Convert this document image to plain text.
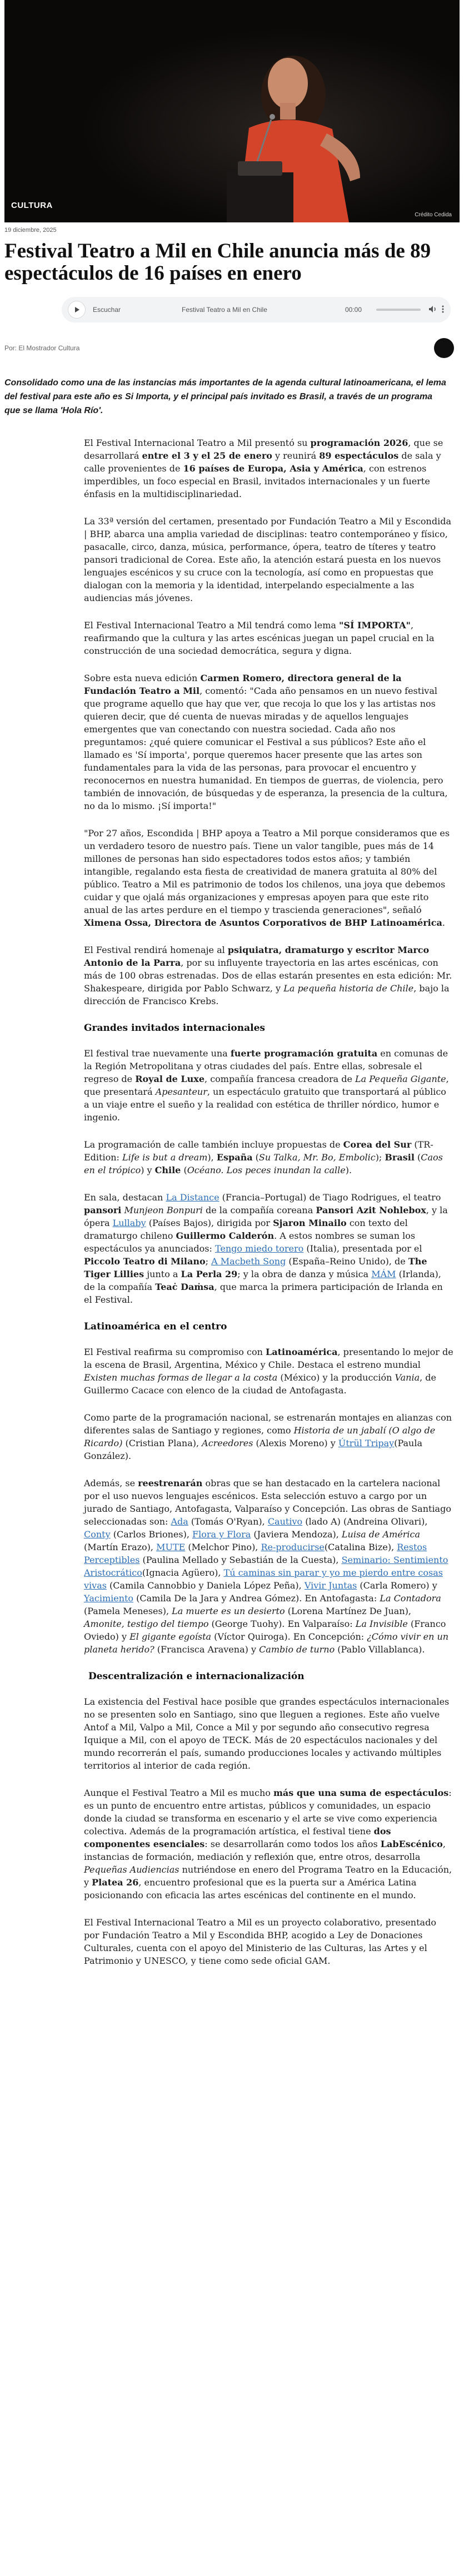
CULTURA
Crédito Cedida
19 diciembre, 2025
Festival Teatro a Mil en Chile anuncia más de 89 espectáculos de 16 países en enero
Escuchar	Festival Teatro a Mil en Chile	00:00
Por: El Mostrador Cultura

Consolidado como una de las instancias más importantes de la agenda cultural latinoamericana, el lema del festival para este año es Si Importa, y el principal país invitado es Brasil, a través de un programa que se llama 'Hola Río'.

El Festival Internacional Teatro a Mil presentó su programación 2026, que se desarrollará entre el 3 y el 25 de enero y reunirá 89 espectáculos de sala y calle provenientes de 16 países de Europa, Asia y América, con estrenos imperdibles, un foco especial en Brasil, invitados internacionales y un fuerte énfasis en la multidisciplinariedad.

La 33ª versión del certamen, presentado por Fundación Teatro a Mil y Escondida | BHP, abarca una amplia variedad de disciplinas: teatro contemporáneo y físico, pasacalle, circo, danza, música, performance, ópera, teatro de títeres y teatro pansori tradicional de Corea. Este año, la atención estará puesta en los nuevos lenguajes escénicos y su cruce con la tecnología, así como en propuestas que dialogan con la memoria y la identidad, interpelando especialmente a las audiencias más jóvenes.

El Festival Internacional Teatro a Mil tendrá como lema "SÍ IMPORTA", reafirmando que la cultura y las artes escénicas juegan un papel crucial en la construcción de una sociedad democrática, segura y digna.

Sobre esta nueva edición Carmen Romero, directora general de la Fundación Teatro a Mil, comentó: "Cada año pensamos en un nuevo festival que programe aquello que hay que ver, que recoja lo que los y las artistas nos quieren decir, que dé cuenta de nuevas miradas y de aquellos lenguajes emergentes que van conectando con nuestra sociedad. Cada año nos preguntamos: ¿qué quiere comunicar el Festival a sus públicos? Este año el llamado es 'Sí importa', porque queremos hacer presente que las artes son fundamentales para la vida de las personas, para provocar el encuentro y reconocernos en nuestra humanidad. En tiempos de guerras, de violencia, pero también de innovación, de búsquedas y de esperanza, la presencia de la cultura, no da lo mismo. ¡Sí importa!"

"Por 27 años, Escondida | BHP apoya a Teatro a Mil porque consideramos que es un verdadero tesoro de nuestro país. Tiene un valor tangible, pues más de 14 millones de personas han sido espectadores todos estos años; y también intangible, regalando esta fiesta de creatividad de manera gratuita al 80% del público. Teatro a Mil es patrimonio de todos los chilenos, una joya que debemos cuidar y que ojalá más organizaciones y empresas apoyen para que este rito anual de las artes perdure en el tiempo y trascienda generaciones", señaló Ximena Ossa, Directora de Asuntos Corporativos de BHP Latinoamérica.

El Festival rendirá homenaje al psiquiatra, dramaturgo y escritor Marco Antonio de la Parra, por su influyente trayectoria en las artes escénicas, con más de 100 obras estrenadas. Dos de ellas estarán presentes en esta edición: Mr. Shakespeare, dirigida por Pablo Schwarz, y La pequeña historia de Chile, bajo la dirección de Francisco Krebs.

Grandes invitados internacionales

El festival trae nuevamente una fuerte programación gratuita en comunas de la Región Metropolitana y otras ciudades del país. Entre ellas, sobresale el regreso de Royal de Luxe, compañía francesa creadora de La Pequeña Gigante, que presentará Apesanteur, un espectáculo gratuito que transportará al público a un viaje entre el sueño y la realidad con estética de thriller nórdico, humor e ingenio.

La programación de calle también incluye propuestas de Corea del Sur (TR-Edition: Life is but a dream), España (Su Talka, Mr. Bo, Embolic); Brasil (Caos en el trópico) y Chile (Océano. Los peces inundan la calle).

En sala, destacan La Distance (Francia–Portugal) de Tiago Rodrigues, el teatro pansori Munjeon Bonpuri de la compañía coreana Pansori Azit Nohlebox, y la ópera Lullaby (Países Bajos), dirigida por Sjaron Minailo con texto del dramaturgo chileno Guillermo Calderón. A estos nombres se suman los espectáculos ya anunciados: Tengo miedo torero (Italia), presentada por el Piccolo Teatro di Milano; A Macbeth Song (España–Reino Unido), de The Tiger Lillies junto a La Perla 29; y la obra de danza y música MÁM (Irlanda), de la compañía Teaċ Daṁsa, que marca la primera participación de Irlanda en el Festival.

Latinoamérica en el centro

El Festival reafirma su compromiso con Latinoamérica, presentando lo mejor de la escena de Brasil, Argentina, México y Chile. Destaca el estreno mundial Existen muchas formas de llegar a la costa (México) y la producción Vania, de Guillermo Cacace con elenco de la ciudad de Antofagasta.

Como parte de la programación nacional, se estrenarán montajes en alianzas con diferentes salas de Santiago y regiones, como Historia de un jabalí (O algo de Ricardo) (Cristian Plana), Acreedores (Alexis Moreno) y Útrül Tripay(Paula González).

Además, se reestrenarán obras que se han destacado en la cartelera nacional por el uso nuevos lenguajes escénicos. Esta selección estuvo a cargo por un jurado de Santiago, Antofagasta, Valparaíso y Concepción. Las obras de Santiago seleccionadas son: Ada (Tomás O'Ryan), Cautivo (lado A) (Andreina Olivari), Conty (Carlos Briones), Flora y Flora (Javiera Mendoza), Luisa de América (Martín Erazo), MUTE (Melchor Pino), Re-producirse(Catalina Bize), Restos Perceptibles (Paulina Mellado y Sebastián de la Cuesta), Seminario: Sentimiento Aristocrático(Ignacia Agüero), Tú caminas sin parar y yo me pierdo entre cosas vivas (Camila Cannobbio y Daniela López Peña), Vivir Juntas (Carla Romero) y Yacimiento (Camila De la Jara y Andrea Gómez). En Antofagasta: La Contadora (Pamela Meneses), La muerte es un desierto (Lorena Martínez De Juan), Amonite, testigo del tiempo (George Tuohy). En Valparaíso: La Invisible (Franco Oviedo) y El gigante egoísta (Víctor Quiroga). En Concepción: ¿Cómo vivir en un planeta herido? (Francisca Aravena) y Cambio de turno (Pablo Villablanca).

Descentralización e internacionalización

La existencia del Festival hace posible que grandes espectáculos internacionales no se presenten solo en Santiago, sino que lleguen a regiones. Este año vuelve Antof a Mil, Valpo a Mil, Conce a Mil y por segundo año consecutivo regresa Iquique a Mil, con el apoyo de TECK. Más de 20 espectáculos nacionales y del mundo recorrerán el país, sumando producciones locales y activando múltiples territorios al interior de cada región.

Aunque el Festival Teatro a Mil es mucho más que una suma de espectáculos: es un punto de encuentro entre artistas, públicos y comunidades, un espacio donde la ciudad se transforma en escenario y el arte se vive como experiencia colectiva. Además de la programación artística, el festival tiene dos componentes esenciales: se desarrollarán como todos los años LabEscénico, instancias de formación, mediación y reflexión que, entre otros, desarrolla Pequeñas Audiencias nutriéndose en enero del Programa Teatro en la Educación, y Platea 26, encuentro profesional que es la puerta sur a América Latina posicionando con eficacia las artes escénicas del continente en el mundo.

El Festival Internacional Teatro a Mil es un proyecto colaborativo, presentado por Fundación Teatro a Mil y Escondida BHP, acogido a Ley de Donaciones Culturales, cuenta con el apoyo del Ministerio de las Culturas, las Artes y el Patrimonio y UNESCO, y tiene como sede oficial GAM.
